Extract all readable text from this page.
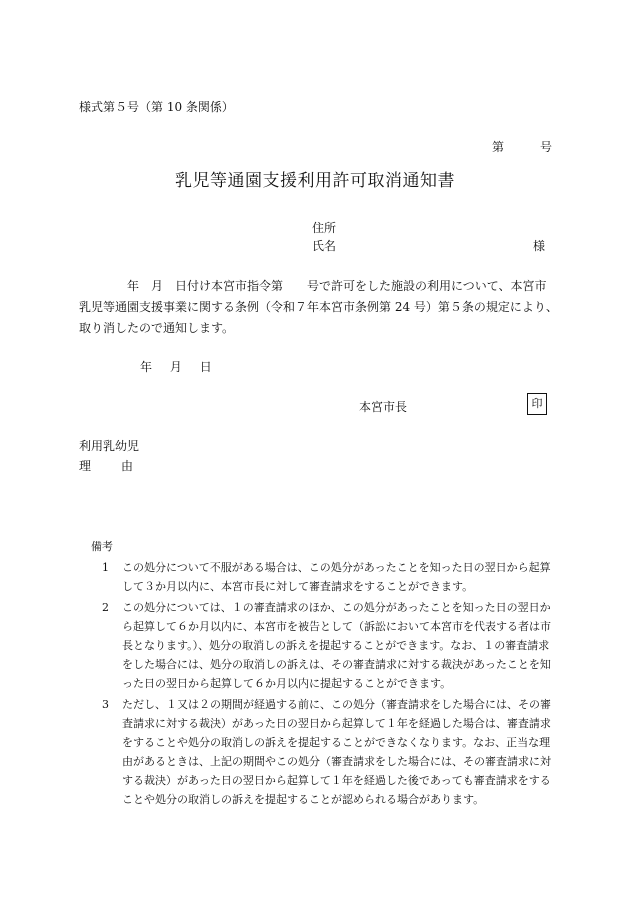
様式第５号（第 10 条関係）
第	号
乳児等通園支援利用許可取消通知書
住所
氏名	様

　　　　年　月　日付け本宮市指令第　　号で許可をした施設の利用について、本宮市

乳児等通園支援事業に関する条例（令和７年本宮市条例第 24 号）第５条の規定により、

取り消したので通知します。

年 月 日
本宮市長	印
利用乳幼児
理	由
備考
1	この処分について不服がある場合は、この処分があったことを知った日の翌日から起算
して３か月以内に、本宮市長に対して審査請求をすることができます。
2	この処分については、１の審査請求のほか、この処分があったことを知った日の翌日か
ら起算して６か月以内に、本宮市を被告として（訴訟において本宮市を代表する者は市
長となります。）、処分の取消しの訴えを提起することができます。なお、１の審査請求
をした場合には、処分の取消しの訴えは、その審査請求に対する裁決があったことを知
った日の翌日から起算して６か月以内に提起することができます。
3	ただし、１又は２の期間が経過する前に、この処分（審査請求をした場合には、その審
査請求に対する裁決）があった日の翌日から起算して１年を経過した場合は、審査請求
をすることや処分の取消しの訴えを提起することができなくなります。なお、正当な理
由があるときは、上記の期間やこの処分（審査請求をした場合には、その審査請求に対
する裁決）があった日の翌日から起算して１年を経過した後であっても審査請求をする
ことや処分の取消しの訴えを提起することが認められる場合があります。
